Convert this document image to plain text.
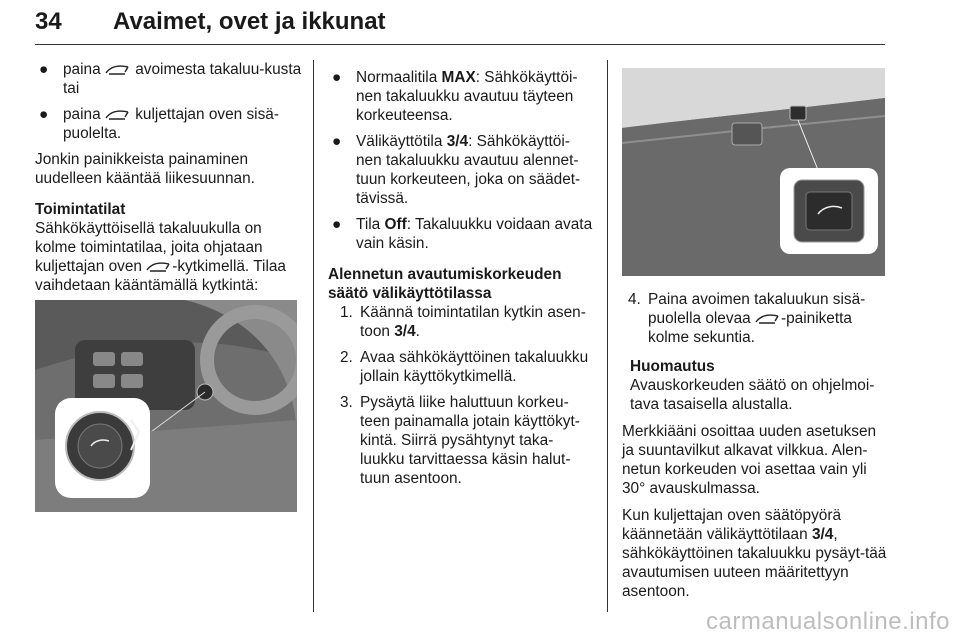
34 Avaimet, ovet ja ikkunat
● paina avoimesta takaluu-kusta tai
● paina kuljettajan oven sisä-puolelta.

Jonkin painikkeista painaminen uudelleen kääntää liikesuunnan.

Toimintatilat

Sähkökäyttöisellä takaluukulla on kolme toimintatilaa, joita ohjataan kuljettajan oven -kytkimellä. Tilaa vaihdetaan kääntämällä kytkintä:

● Normaalitila MAX: Sähkökäyttöi-nen takaluukku avautuu täyteen korkeuteensa.
● Välikäyttötila 3/4: Sähkökäyttöi-nen takaluukku avautuu alennet-tuun korkeuteen, joka on säädet-tävissä.
● Tila Off: Takaluukku voidaan avata vain käsin.
Alennetun avautumiskorkeuden säätö välikäyttötilassa
1. Käännä toimintatilan kytkin asen-toon 3/4.
2. Avaa sähkökäyttöinen takaluukku jollain käyttökytkimellä.
3. Pysäytä liike haluttuun korkeu-teen painamalla jotain käyttökyt-kintä. Siirrä pysähtynyt taka-luukku tarvittaessa käsin halut-tuun asentoon.
4. Paina avoimen takaluukun sisä-puolella olevaa -painiketta kolme sekuntia.
Huomautus
Avauskorkeuden säätö on ohjelmoi-tava tasaisella alustalla.

Merkkiääni osoittaa uuden asetuksen ja suuntavilkut alkavat vilkkua. Alen-netun korkeuden voi asettaa vain yli 30° avauskulmassa.

Kun kuljettajan oven säätöpyörä käännetään välikäyttötilaan 3/4, sähkökäyttöinen takaluukku pysäyt-tää avautumisen uuteen määritettyyn asentoon.

carmanualsonline.info
